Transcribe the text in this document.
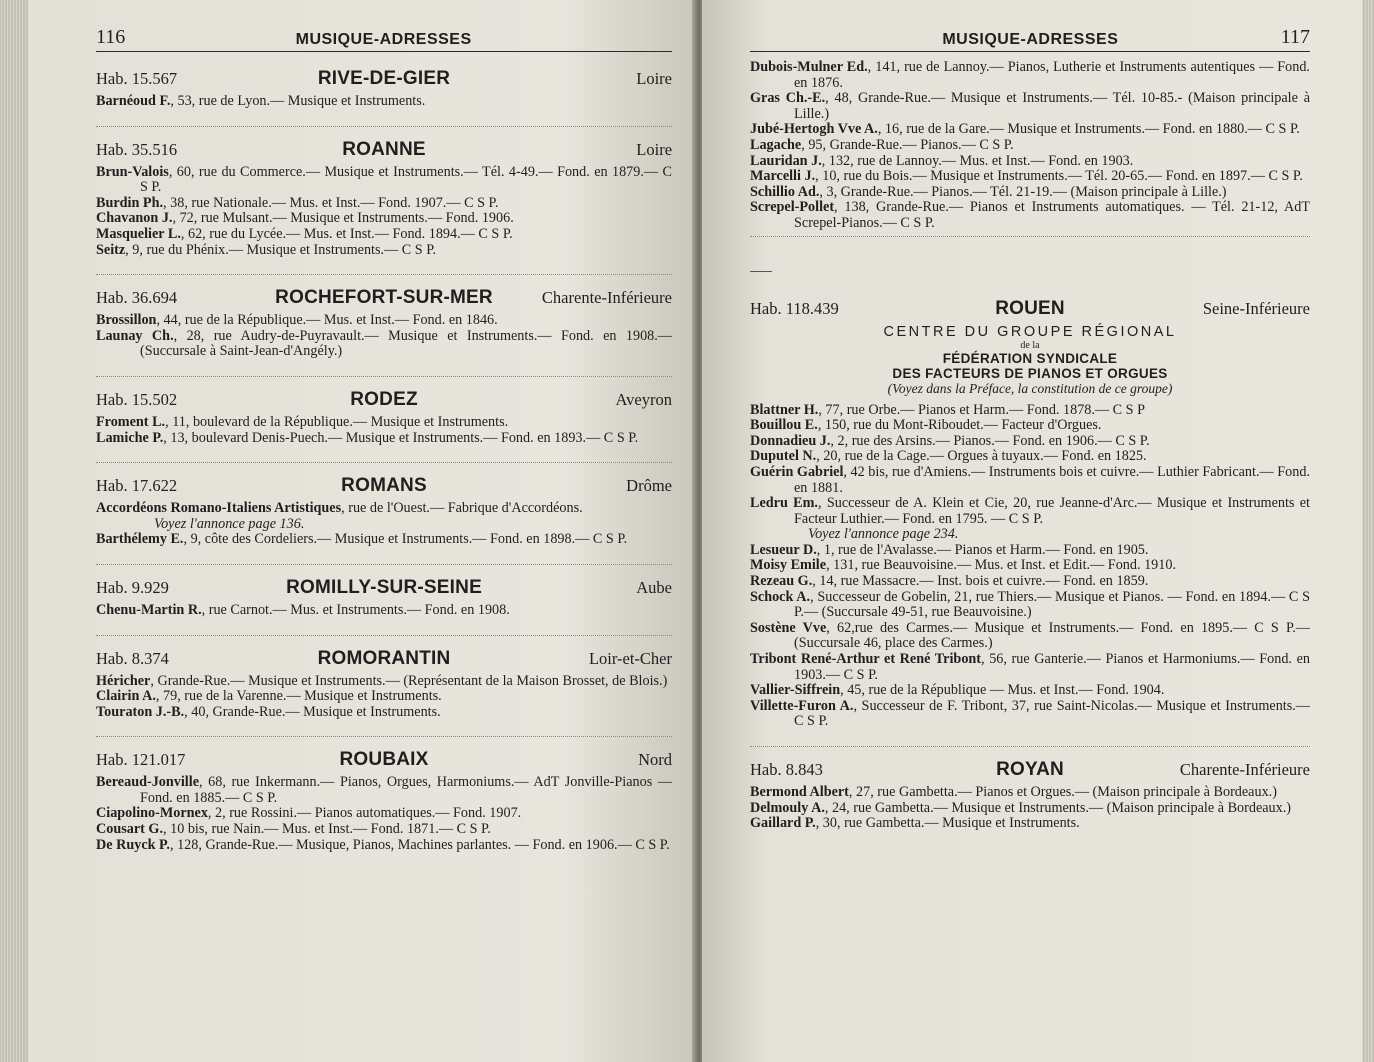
116	MUSIQUE-ADRESSES
Hab. 15.567	RIVE-DE-GIER	Loire

Barnéoud F., 53, rue de Lyon.— Musique et Instruments.

Hab. 35.516	ROANNE	Loire

Brun-Valois, 60, rue du Commerce.— Musique et Instruments.— Tél. 4-49.— Fond. en 1879.— C S P.

Burdin Ph., 38, rue Nationale.— Mus. et Inst.— Fond. 1907.— C S P.

Chavanon J., 72, rue Mulsant.— Musique et Instruments.— Fond. 1906.

Masquelier L., 62, rue du Lycée.— Mus. et Inst.— Fond. 1894.— C S P.

Seitz, 9, rue du Phénix.— Musique et Instruments.— C S P.

Hab. 36.694	ROCHEFORT-SUR-MER	Charente-Inférieure

Brossillon, 44, rue de la République.— Mus. et Inst.— Fond. en 1846.

Launay Ch., 28, rue Audry-de-Puyravault.— Musique et Instruments.— Fond. en 1908.— (Succursale à Saint-Jean-d'Angély.)

Hab. 15.502	RODEZ	Aveyron

Froment L., 11, boulevard de la République.— Musique et Instruments.

Lamiche P., 13, boulevard Denis-Puech.— Musique et Instruments.— Fond. en 1893.— C S P.

Hab. 17.622	ROMANS	Drôme

Accordéons Romano-Italiens Artistiques, rue de l'Ouest.— Fabrique d'Accordéons.

Voyez l'annonce page 136.

Barthélemy E., 9, côte des Cordeliers.— Musique et Instruments.— Fond. en 1898.— C S P.

Hab. 9.929	ROMILLY-SUR-SEINE	Aube

Chenu-Martin R., rue Carnot.— Mus. et Instruments.— Fond. en 1908.

Hab. 8.374	ROMORANTIN	Loir-et-Cher

Héricher, Grande-Rue.— Musique et Instruments.— (Représentant de la Maison Brosset, de Blois.)

Clairin A., 79, rue de la Varenne.— Musique et Instruments.

Touraton J.-B., 40, Grande-Rue.— Musique et Instruments.

Hab. 121.017	ROUBAIX	Nord

Bereaud-Jonville, 68, rue Inkermann.— Pianos, Orgues, Harmoniums.— AdT Jonville-Pianos — Fond. en 1885.— C S P.

Ciapolino-Mornex, 2, rue Rossini.— Pianos automatiques.— Fond. 1907.

Cousart G., 10 bis, rue Nain.— Mus. et Inst.— Fond. 1871.— C S P.

De Ruyck P., 128, Grande-Rue.— Musique, Pianos, Machines parlantes. — Fond. en 1906.— C S P.

MUSIQUE-ADRESSES	117

Dubois-Mulner Ed., 141, rue de Lannoy.— Pianos, Lutherie et Instruments autentiques — Fond. en 1876.

Gras Ch.-E., 48, Grande-Rue.— Musique et Instruments.— Tél. 10-85.- (Maison principale à Lille.)

Jubé-Hertogh Vve A., 16, rue de la Gare.— Musique et Instruments.— Fond. en 1880.— C S P.

Lagache, 95, Grande-Rue.— Pianos.— C S P.

Lauridan J., 132, rue de Lannoy.— Mus. et Inst.— Fond. en 1903.

Marcelli J., 10, rue du Bois.— Musique et Instruments.— Tél. 20-65.— Fond. en 1897.— C S P.

Schillio Ad., 3, Grande-Rue.— Pianos.— Tél. 21-19.— (Maison principale à Lille.)

Screpel-Pollet, 138, Grande-Rue.— Pianos et Instruments automatiques. — Tél. 21-12, AdT Screpel-Pianos.— C S P.

Hab. 118.439	ROUEN	Seine-Inférieure
CENTRE DU GROUPE RÉGIONAL
de la
FÉDÉRATION SYNDICALE
DES FACTEURS DE PIANOS ET ORGUES
(Voyez dans la Préface, la constitution de ce groupe)

Blattner H., 77, rue Orbe.— Pianos et Harm.— Fond. 1878.— C S P

Bouillou E., 150, rue du Mont-Riboudet.— Facteur d'Orgues.

Donnadieu J., 2, rue des Arsins.— Pianos.— Fond. en 1906.— C S P.

Duputel N., 20, rue de la Cage.— Orgues à tuyaux.— Fond. en 1825.

Guérin Gabriel, 42 bis, rue d'Amiens.— Instruments bois et cuivre.— Luthier Fabricant.— Fond. en 1881.

Ledru Em., Successeur de A. Klein et Cie, 20, rue Jeanne-d'Arc.— Musique et Instruments et Facteur Luthier.— Fond. en 1795. — C S P.

Voyez l'annonce page 234.

Lesueur D., 1, rue de l'Avalasse.— Pianos et Harm.— Fond. en 1905.

Moisy Emile, 131, rue Beauvoisine.— Mus. et Inst. et Edit.— Fond. 1910.

Rezeau G., 14, rue Massacre.— Inst. bois et cuivre.— Fond. en 1859.

Schock A., Successeur de Gobelin, 21, rue Thiers.— Musique et Pianos. — Fond. en 1894.— C S P.— (Succursale 49-51, rue Beauvoisine.)

Sostène Vve, 62,rue des Carmes.— Musique et Instruments.— Fond. en 1895.— C S P.— (Succursale 46, place des Carmes.)

Tribont René-Arthur et René Tribont, 56, rue Ganterie.— Pianos et Harmoniums.— Fond. en 1903.— C S P.

Vallier-Siffrein, 45, rue de la République — Mus. et Inst.— Fond. 1904.

Villette-Furon A., Successeur de F. Tribont, 37, rue Saint-Nicolas.— Musique et Instruments.— C S P.

Hab. 8.843	ROYAN	Charente-Inférieure

Bermond Albert, 27, rue Gambetta.— Pianos et Orgues.— (Maison principale à Bordeaux.)

Delmouly A., 24, rue Gambetta.— Musique et Instruments.— (Maison principale à Bordeaux.)

Gaillard P., 30, rue Gambetta.— Musique et Instruments.
